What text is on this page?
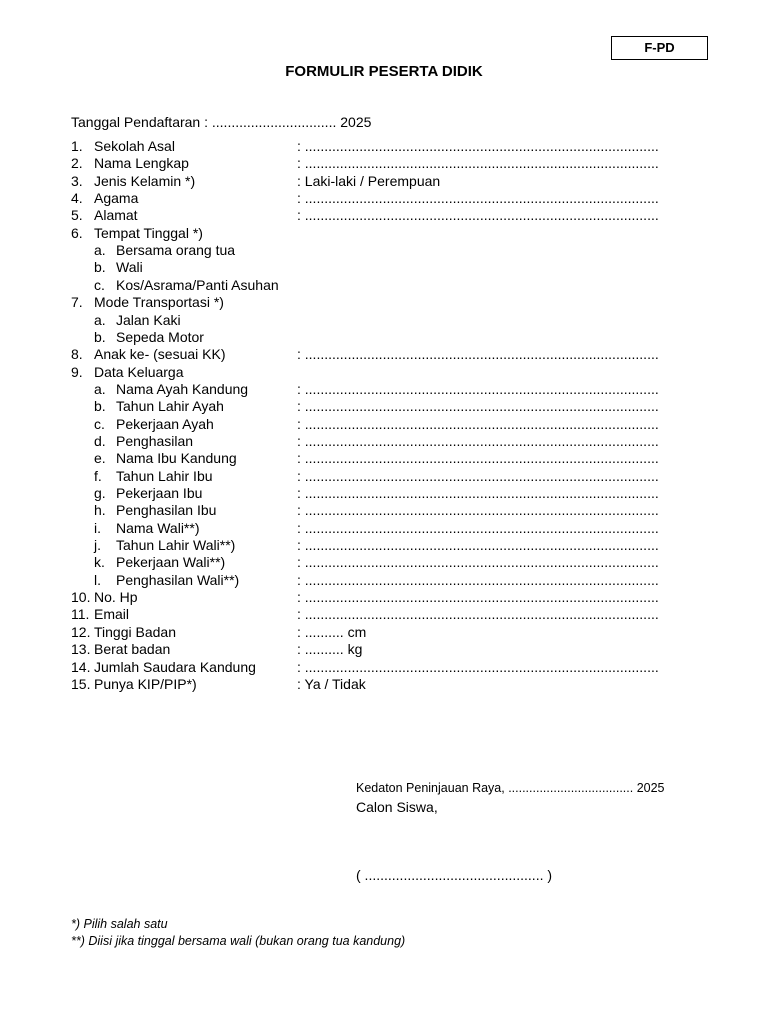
F-PD
FORMULIR PESERTA DIDIK
Tanggal Pendaftaran : ................................ 2025
1. Sekolah Asal	: ...........................................................................................
2. Nama Lengkap	: ...........................................................................................
3. Jenis Kelamin *)	: Laki-laki / Perempuan
4. Agama	: ...........................................................................................
5. Alamat	: ...........................................................................................
6. Tempat Tinggal *)
a. Bersama orang tua
b. Wali
c. Kos/Asrama/Panti Asuhan
7. Mode Transportasi *)
a. Jalan Kaki
b. Sepeda Motor
8. Anak ke- (sesuai KK)	: ...........................................................................................
9. Data Keluarga
a. Nama Ayah Kandung	: ...........................................................................................
b. Tahun Lahir Ayah	: ...........................................................................................
c. Pekerjaan Ayah	: ...........................................................................................
d. Penghasilan	: ...........................................................................................
e. Nama Ibu Kandung	: ...........................................................................................
f. Tahun Lahir Ibu	: ...........................................................................................
g. Pekerjaan Ibu	: ...........................................................................................
h. Penghasilan Ibu	: ...........................................................................................
i. Nama Wali**)	: ...........................................................................................
j. Tahun Lahir Wali**)	: ...........................................................................................
k. Pekerjaan Wali**)	: ...........................................................................................
l. Penghasilan Wali**)	: ...........................................................................................
10. No. Hp	: ...........................................................................................
11. Email	: ...........................................................................................
12. Tinggi Badan	: .......... cm
13. Berat badan	: .......... kg
14. Jumlah Saudara Kandung	: ...........................................................................................
15. Punya KIP/PIP*)	: Ya / Tidak
Kedaton Peninjauan Raya, .................................... 2025
Calon Siswa,
( .............................................. )
*) Pilih salah satu
**) Diisi jika tinggal bersama wali (bukan orang tua kandung)
